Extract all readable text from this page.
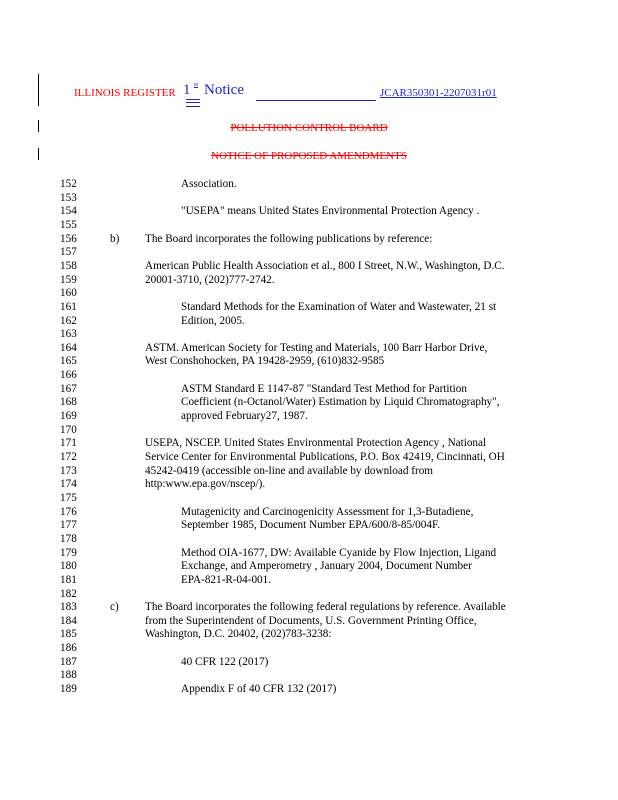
ILLINOIS REGISTER 1 st Notice	JCAR350301-2207031r01
POLLUTION CONTROL BOARD
NOTICE OF PROPOSED AMENDMENTS
152	Association.
153
154	"USEPA" means United States Environmental Protection Agency .
155
156	b) The Board incorporates the following publications by reference:
157
158	American Public Health Association et al., 800 I Street, N.W., Washington, D.C.
159	20001-3710, (202)777-2742.
160
161	Standard Methods for the Examination of Water and Wastewater, 21 st
162	Edition, 2005.
163
164	ASTM. American Society for Testing and Materials, 100 Barr Harbor Drive,
165	West Conshohocken, PA 19428-2959, (610)832-9585
166
167	ASTM Standard E 1147-87 "Standard Test Method for Partition
168	Coefficient (n-Octanol/Water) Estimation by Liquid Chromatography",
169	approved February27, 1987.
170
171	USEPA, NSCEP. United States Environmental Protection Agency , National
172	Service Center for Environmental Publications, P.O. Box 42419, Cincinnati, OH
173	45242-0419 (accessible on-line and available by download from
174	http:www.epa.gov/nscep/).
175
176	Mutagenicity and Carcinogenicity Assessment for 1,3-Butadiene,
177	September 1985, Document Number EPA/600/8-85/004F.
178
179	Method OIA-1677, DW: Available Cyanide by Flow Injection, Ligand
180	Exchange, and Amperometry , January 2004, Document Number
181	EPA-821-R-04-001.
182
183	c) The Board incorporates the following federal regulations by reference. Available
184	from the Superintendent of Documents, U.S. Government Printing Office,
185	Washington, D.C. 20402, (202)783-3238:
186
187	40 CFR 122 (2017)
188
189	Appendix F of 40 CFR 132 (2017)
